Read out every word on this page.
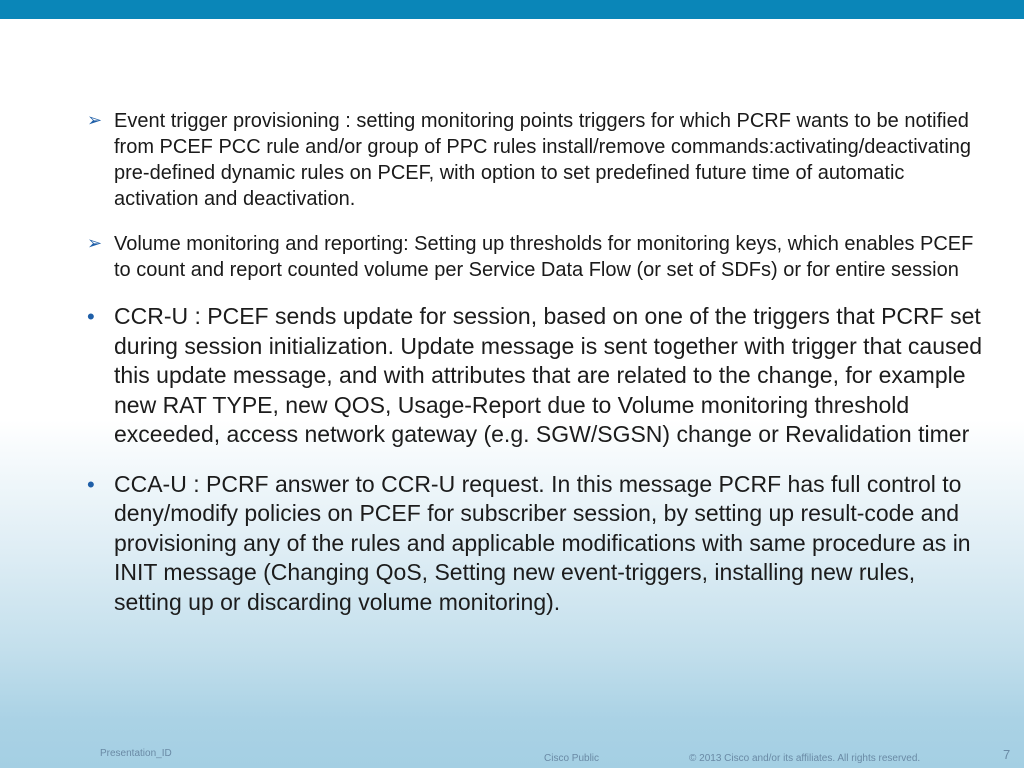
➢ Event trigger provisioning : setting monitoring points triggers for which PCRF wants to be notified from PCEF PCC rule and/or group of PPC rules install/remove commands:activating/deactivating pre-defined dynamic rules on PCEF, with option to set predefined future time of automatic activation and deactivation.
➢ Volume monitoring and reporting: Setting up thresholds for monitoring keys, which enables PCEF to count and report counted volume per Service Data Flow (or set of SDFs) or for entire session
• CCR-U : PCEF sends update for session, based on one of the triggers that PCRF set during session initialization. Update message is sent together with trigger that caused this update message, and with attributes that are related to the change, for example new RAT TYPE, new QOS, Usage-Report due to Volume monitoring threshold exceeded, access network gateway (e.g. SGW/SGSN) change or Revalidation timer
• CCA-U : PCRF answer to CCR-U request. In this message PCRF has full control to deny/modify policies on PCEF for subscriber session, by setting up result-code and provisioning any of the rules and applicable modifications with same procedure as in INIT message (Changing QoS, Setting new event-triggers, installing new rules, setting up or discarding volume monitoring).
Presentation_ID	Cisco Public	© 2013 Cisco and/or its affiliates. All rights reserved.	7
